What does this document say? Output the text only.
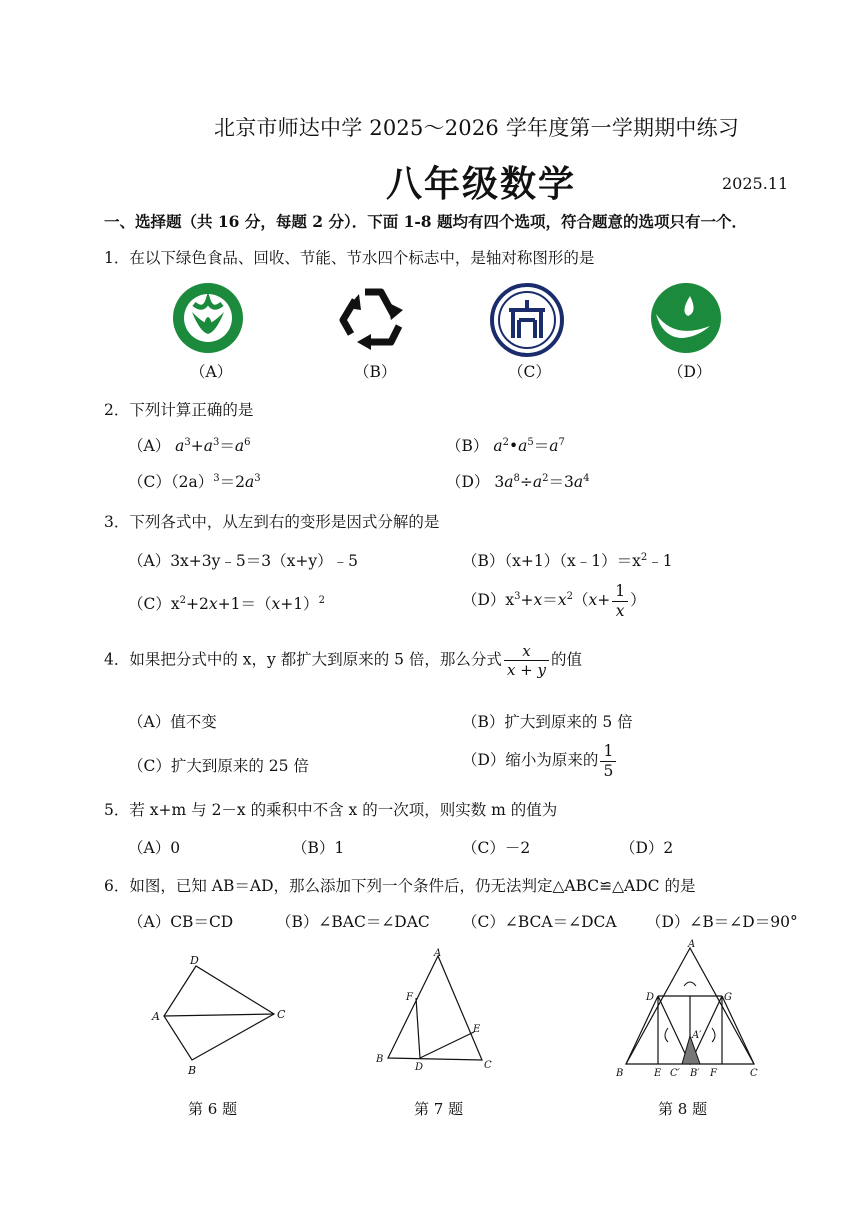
北京市师达中学 2025～2026 学年度第一学期期中练习
八年级数学	2025.11
一、选择题（共 16 分，每题 2 分）．下面 1-8 题均有四个选项，符合题意的选项只有一个．
1．在以下绿色食品、回收、节能、节水四个标志中，是轴对称图形的是
（A）	（B）	（C）	（D）
2．下列计算正确的是
（A） $a^3+a^3=a^6$	（B） $a^2•a^5=a^7$
$(C)(2a)^3=2a^3$	（D） $3a^8\div a^2=3a^4$
3．下列各式中，从左到右的变形是因式分解的是
（A）3x+3y﹣5＝3（x+y）﹣5	$(B)(x+1)(x﹣1)=x^2﹣1$
$(C)x^2+2x+1=(x+1)^2$	$(D)x^3+x=x^2(x+ \frac{1}{x}$ ）
4．如果把分式中的 x，y 都扩大到原来的 5 倍，那么分式 $\frac{x}{x + y}$ 的值
（A）值不变	（B）扩大到原来的 5 倍
（C）扩大到原来的 25 倍	（D）缩小为原来的 $\frac{1}{5}$
5．若 x+m 与 2－x 的乘积中不含 x 的一次项，则实数 m 的值为
（A）0	（B）1	（C）－2	（D）2
6．如图，已知 AB＝AD，那么添加下列一个条件后，仍无法判定△ABC≌△ADC 的是
（A）CB＝CD	（B）∠BAC＝∠DAC （C）∠BCA＝∠DCA （D）∠B＝∠D＝90°
D
A	C
B
第 6 题
A
F
E
B
D	C
第 7 题
A
D	G
A′
B	E C′ B′ F	C
第 8 题
